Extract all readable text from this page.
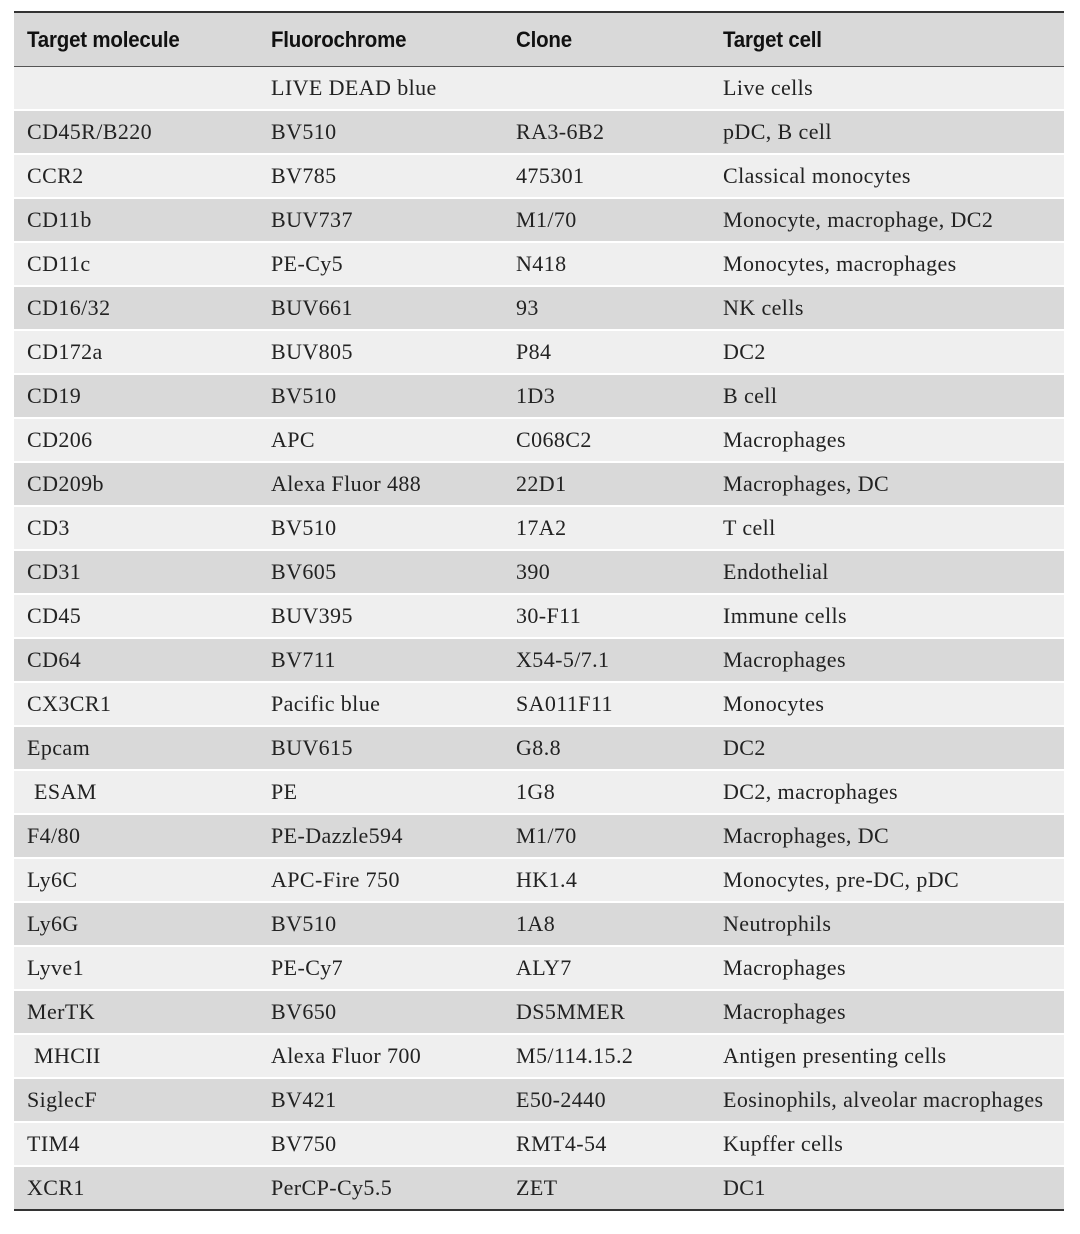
Target molecule	Fluorochrome	Clone	Target cell
	LIVE DEAD blue		Live cells
CD45R/B220	BV510	RA3-6B2	pDC, B cell
CCR2	BV785	475301	Classical monocytes
CD11b	BUV737	M1/70	Monocyte, macrophage, DC2
CD11c	PE-Cy5	N418	Monocytes, macrophages
CD16/32	BUV661	93	NK cells
CD172a	BUV805	P84	DC2
CD19	BV510	1D3	B cell
CD206	APC	C068C2	Macrophages
CD209b	Alexa Fluor 488	22D1	Macrophages, DC
CD3	BV510	17A2	T cell
CD31	BV605	390	Endothelial
CD45	BUV395	30-F11	Immune cells
CD64	BV711	X54-5/7.1	Macrophages
CX3CR1	Pacific blue	SA011F11	Monocytes
Epcam	BUV615	G8.8	DC2
ESAM	PE	1G8	DC2, macrophages
F4/80	PE-Dazzle594	M1/70	Macrophages, DC
Ly6C	APC-Fire 750	HK1.4	Monocytes, pre-DC, pDC
Ly6G	BV510	1A8	Neutrophils
Lyve1	PE-Cy7	ALY7	Macrophages
MerTK	BV650	DS5MMER	Macrophages
MHCII	Alexa Fluor 700	M5/114.15.2	Antigen presenting cells
SiglecF	BV421	E50-2440	Eosinophils, alveolar macrophages
TIM4	BV750	RMT4-54	Kupffer cells
XCR1	PerCP-Cy5.5	ZET	DC1
